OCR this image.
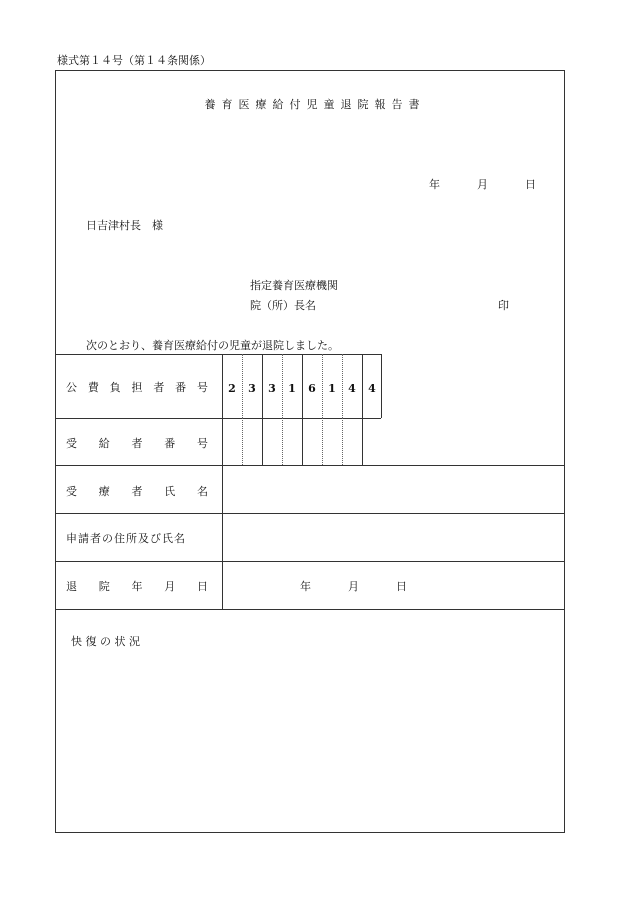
様式第１４号（第１４条関係）
養育医療給付児童退院報告書
年	月	日
日吉津村長　様
指定養育医療機関
院（所）長名	印
次のとおり、養育医療給付の児童が退院しました。
公 費 負 担 者 番 号	2	3	3	1	6	1	4	4
受 給 者 番 号
受 療 者 氏 名
申請者の住所及び氏名
退 院 年 月 日	年	月	日
快 復 の 状 況
